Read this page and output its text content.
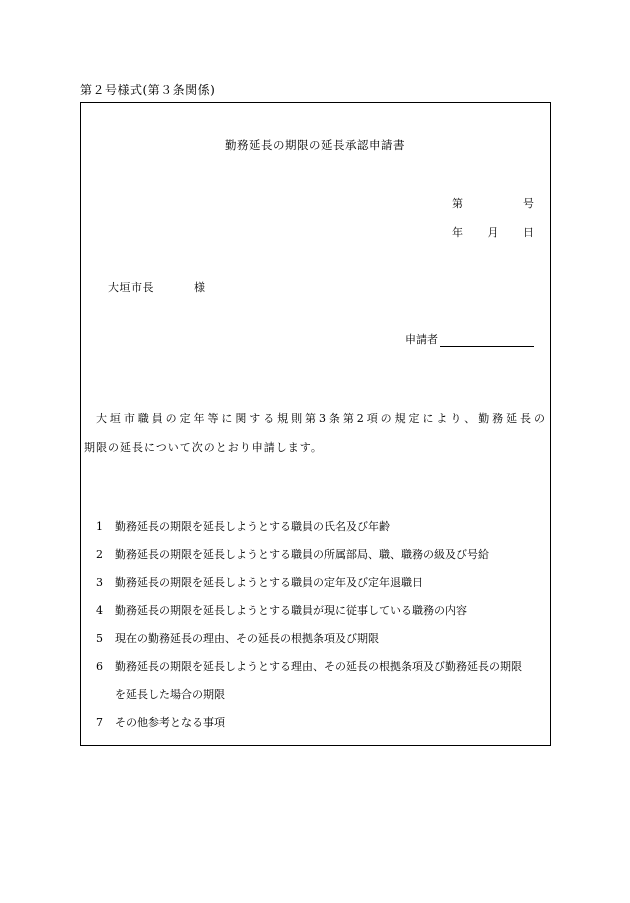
第２号様式(第３条関係)
勤務延長の期限の延長承認申請書
第	号
年 月 日
大垣市長	様
申請者

大垣市職員の定年等に関する規則第3条第2項の規定により、勤務延長の

期限の延長について次のとおり申請します。

1	勤務延長の期限を延長しようとする職員の氏名及び年齢
2	勤務延長の期限を延長しようとする職員の所属部局、職、職務の級及び号給
3	勤務延長の期限を延長しようとする職員の定年及び定年退職日
4	勤務延長の期限を延長しようとする職員が現に従事している職務の内容
5	現在の勤務延長の理由、その延長の根拠条項及び期限
6	勤務延長の期限を延長しようとする理由、その延長の根拠条項及び勤務延長の期限
を延長した場合の期限
7	その他参考となる事項
